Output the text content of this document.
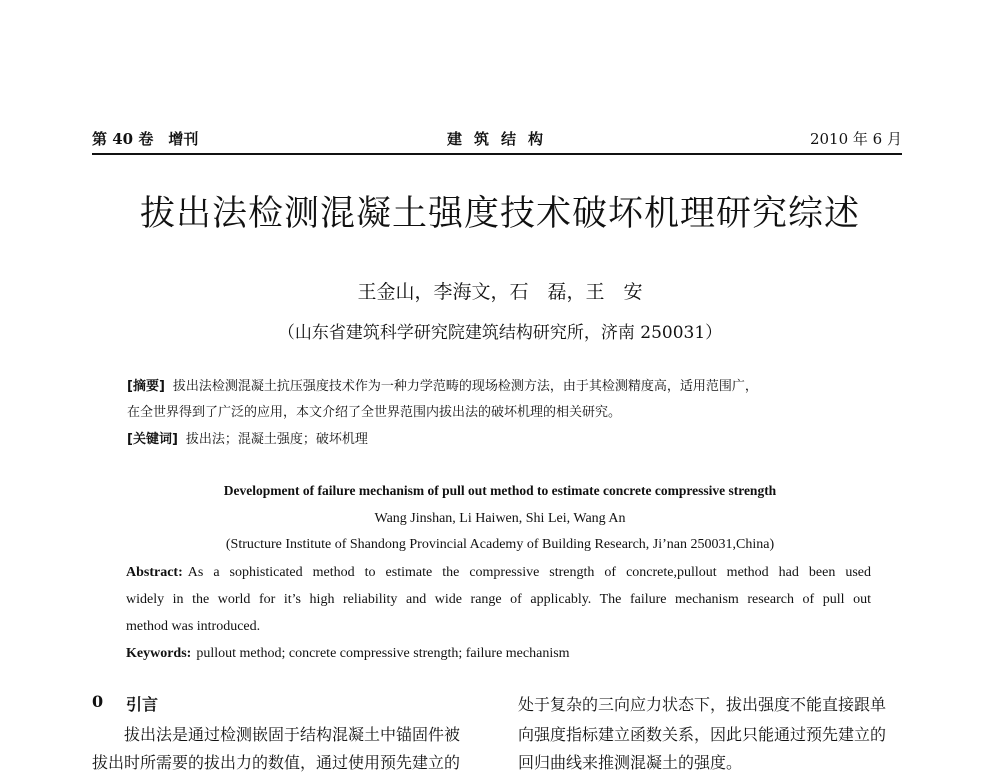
第 40 卷　增刊	建筑结构	2010 年 6 月
拔出法检测混凝土强度技术破坏机理研究综述
王金山，李海文，石　磊，王　安
（山东省建筑科学研究院建筑结构研究所，济南 250031）
[摘要] 拔出法检测混凝土抗压强度技术作为一种力学范畴的现场检测方法，由于其检测精度高，适用范围广，
在全世界得到了广泛的应用，本文介绍了全世界范围内拔出法的破坏机理的相关研究。
[关键词] 拔出法；混凝土强度；破坏机理
Development of failure mechanism of pull out method to estimate concrete compressive strength
Wang Jinshan, Li Haiwen, Shi Lei, Wang An
(Structure Institute of Shandong Provincial Academy of Building Research, Ji’nan 250031,China)
Abstract: As a sophisticated method to estimate the compressive strength of concrete,pullout method had been used
widely in the world for it’s high reliability and wide range of applicably. The failure mechanism research of pull out
method was introduced.
Keywords: pullout method; concrete compressive strength; failure mechanism
0 引言
拔出法是通过检测嵌固于结构混凝土中锚固件被
拔出时所需要的拔出力的数值，通过使用预先建立的
处于复杂的三向应力状态下，拔出强度不能直接跟单
向强度指标建立函数关系，因此只能通过预先建立的
回归曲线来推测混凝土的强度。
